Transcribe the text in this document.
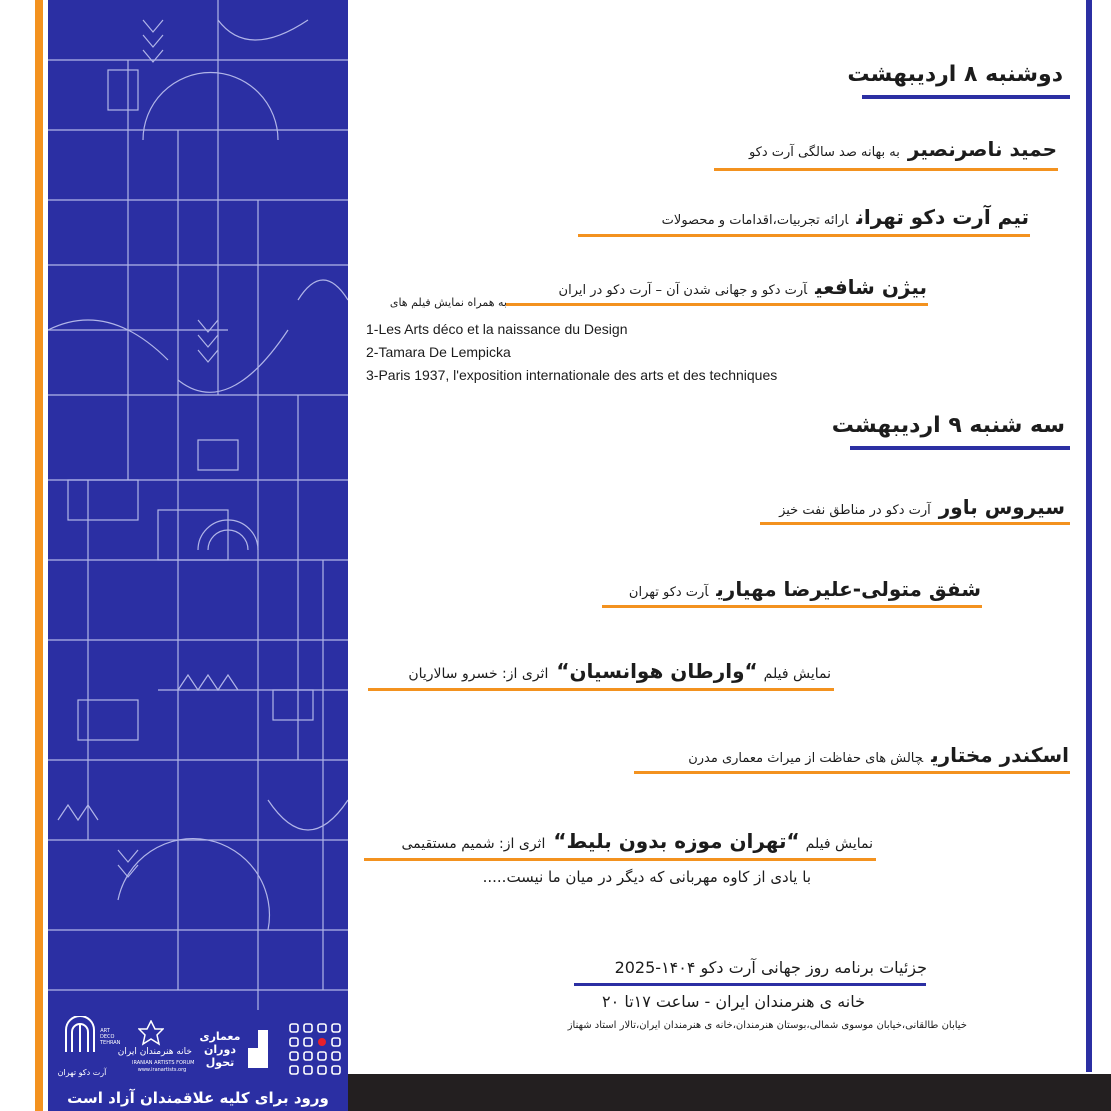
دوشنبه ۸ اردیبهشت
حمید ناصرنصیربه بهانه صد سالگی آرت دکو
تیم آرت دکو تهرانارائه تجربیات،اقدامات و محصولات
بیژن شافعیآرت دکو و جهانی شدن آن – آرت دکو در ایران
به همراه نمایش فیلم های
1-Les Arts déco et la naissance du Design
2-Tamara De Lempicka
3-Paris 1937, l'exposition internationale des arts et des techniques
سه شنبه ۹ اردیبهشت
سیروس باورآرت دکو در مناطق نفت خیز
شفق متولی-علیرضا مهیاریآرت دکو تهران
نمایش فیلم“وارطان هوانسیان“اثری از: خسرو سالاریان
اسکندر مختاریچالش های حفاظت از میراث معماری مدرن
نمایش فیلم“تهران موزه بدون بلیط“اثری از: شمیم مستقیمی
با یادی از کاوه مهربانی که دیگر در میان ما نیست.....
جزئیات برنامه روز جهانی آرت دکو ۱۴۰۴-2025
خانه ی هنرمندان ایران - ساعت ۱۷تا ۲۰
خیابان طالقانی،خیابان موسوی شمالی،بوستان هنرمندان،خانه ی هنرمندان ایران،تالار استاد شهناز
ART DECO TEHRAN
آرت دکو تهران
خانه هنرمندان ایران
IRANIAN ARTISTS FORUM
www.iranartists.org
معماری دوران تحول
ورود برای کلیه علاقمندان آزاد است
